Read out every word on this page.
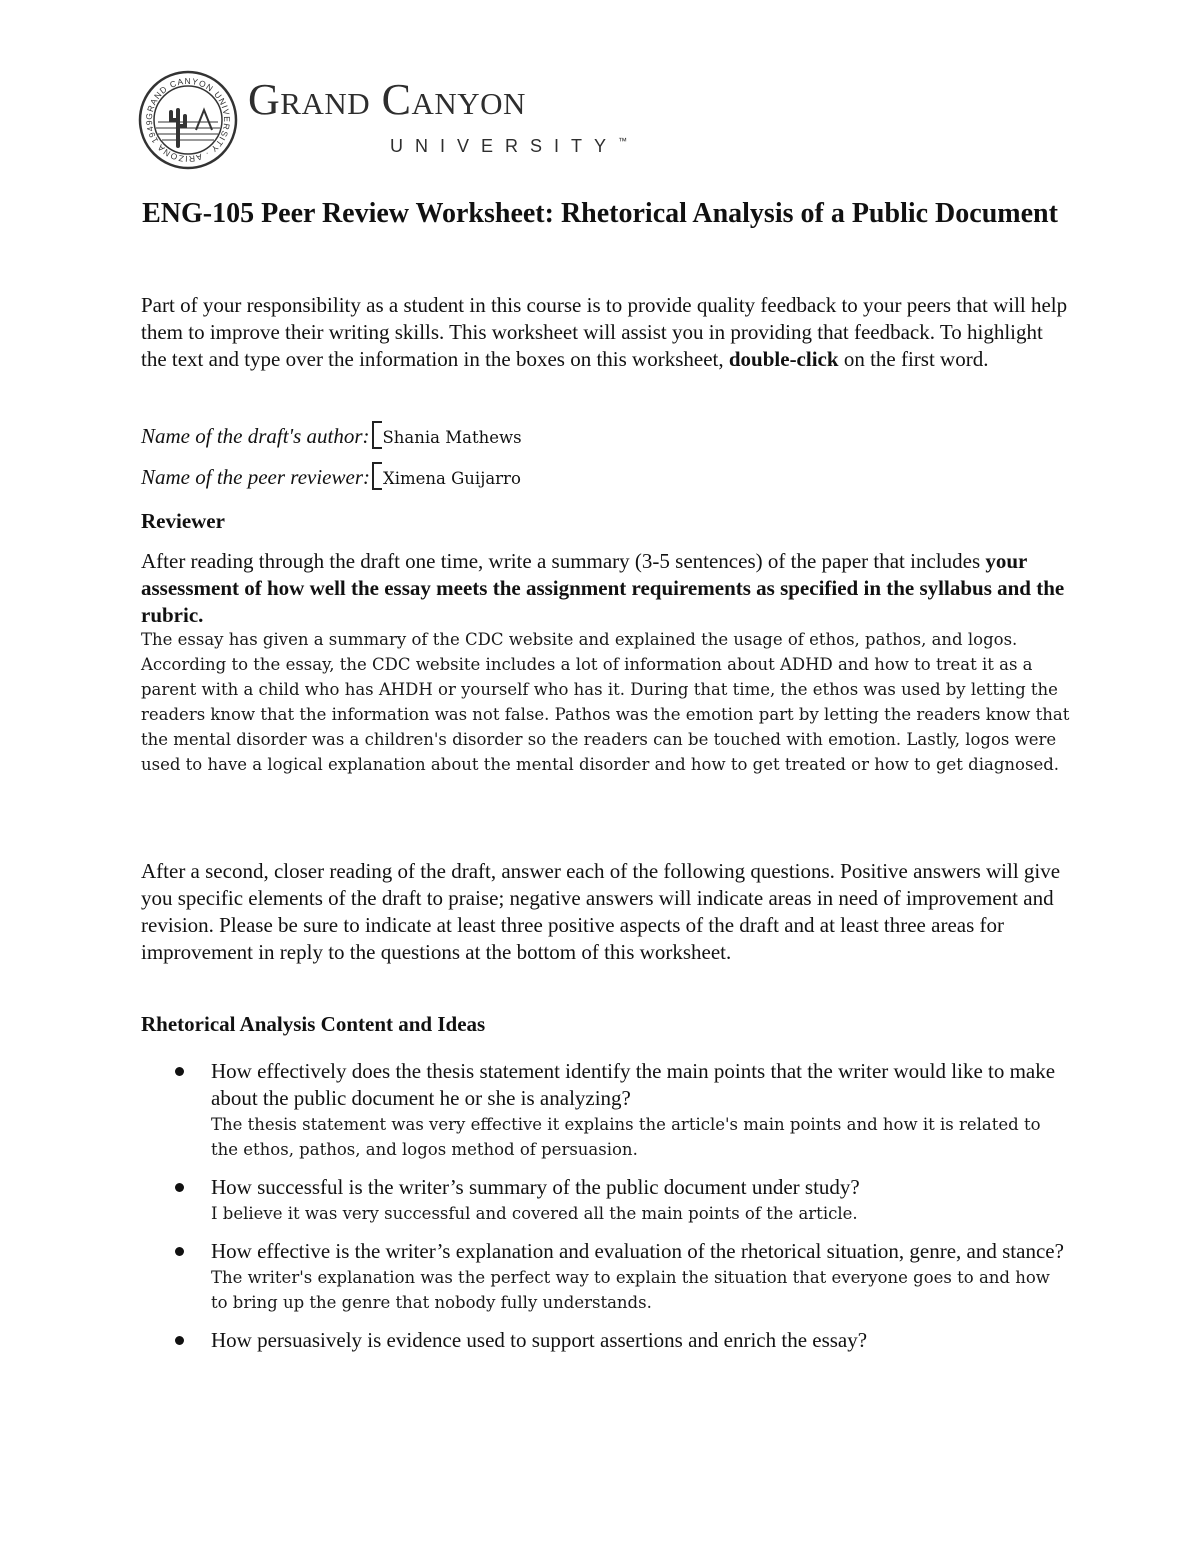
GRAND CANYON UNIVERSITY · ARIZONA 1949	Grand Canyon
UNIVERSITY™
ENG-105 Peer Review Worksheet: Rhetorical Analysis of a Public Document
Part of your responsibility as a student in this course is to provide quality feedback to your peers that will help them to improve their writing skills. This worksheet will assist you in providing that feedback. To highlight the text and type over the information in the boxes on this worksheet, double-click on the first word.
Name of the draft's author: Shania Mathews
Name of the peer reviewer: Ximena Guijarro
Reviewer
After reading through the draft one time, write a summary (3-5 sentences) of the paper that includes your assessment of how well the essay meets the assignment requirements as specified in the syllabus and the rubric.
The essay has given a summary of the CDC website and explained the usage of ethos, pathos, and logos. According to the essay, the CDC website includes a lot of information about ADHD and how to treat it as a parent with a child who has AHDH or yourself who has it. During that time, the ethos was used by letting the readers know that the information was not false. Pathos was the emotion part by letting the readers know that the mental disorder was a children's disorder so the readers can be touched with emotion. Lastly, logos were used to have a logical explanation about the mental disorder and how to get treated or how to get diagnosed.
After a second, closer reading of the draft, answer each of the following questions. Positive answers will give you specific elements of the draft to praise; negative answers will indicate areas in need of improvement and revision. Please be sure to indicate at least three positive aspects of the draft and at least three areas for improvement in reply to the questions at the bottom of this worksheet.
Rhetorical Analysis Content and Ideas
How effectively does the thesis statement identify the main points that the writer would like to make about the public document he or she is analyzing?
The thesis statement was very effective it explains the article's main points and how it is related to the ethos, pathos, and logos method of persuasion.
How successful is the writer’s summary of the public document under study?
I believe it was very successful and covered all the main points of the article.
How effective is the writer’s explanation and evaluation of the rhetorical situation, genre, and stance?
The writer's explanation was the perfect way to explain the situation that everyone goes to and how to bring up the genre that nobody fully understands.
How persuasively is evidence used to support assertions and enrich the essay?
